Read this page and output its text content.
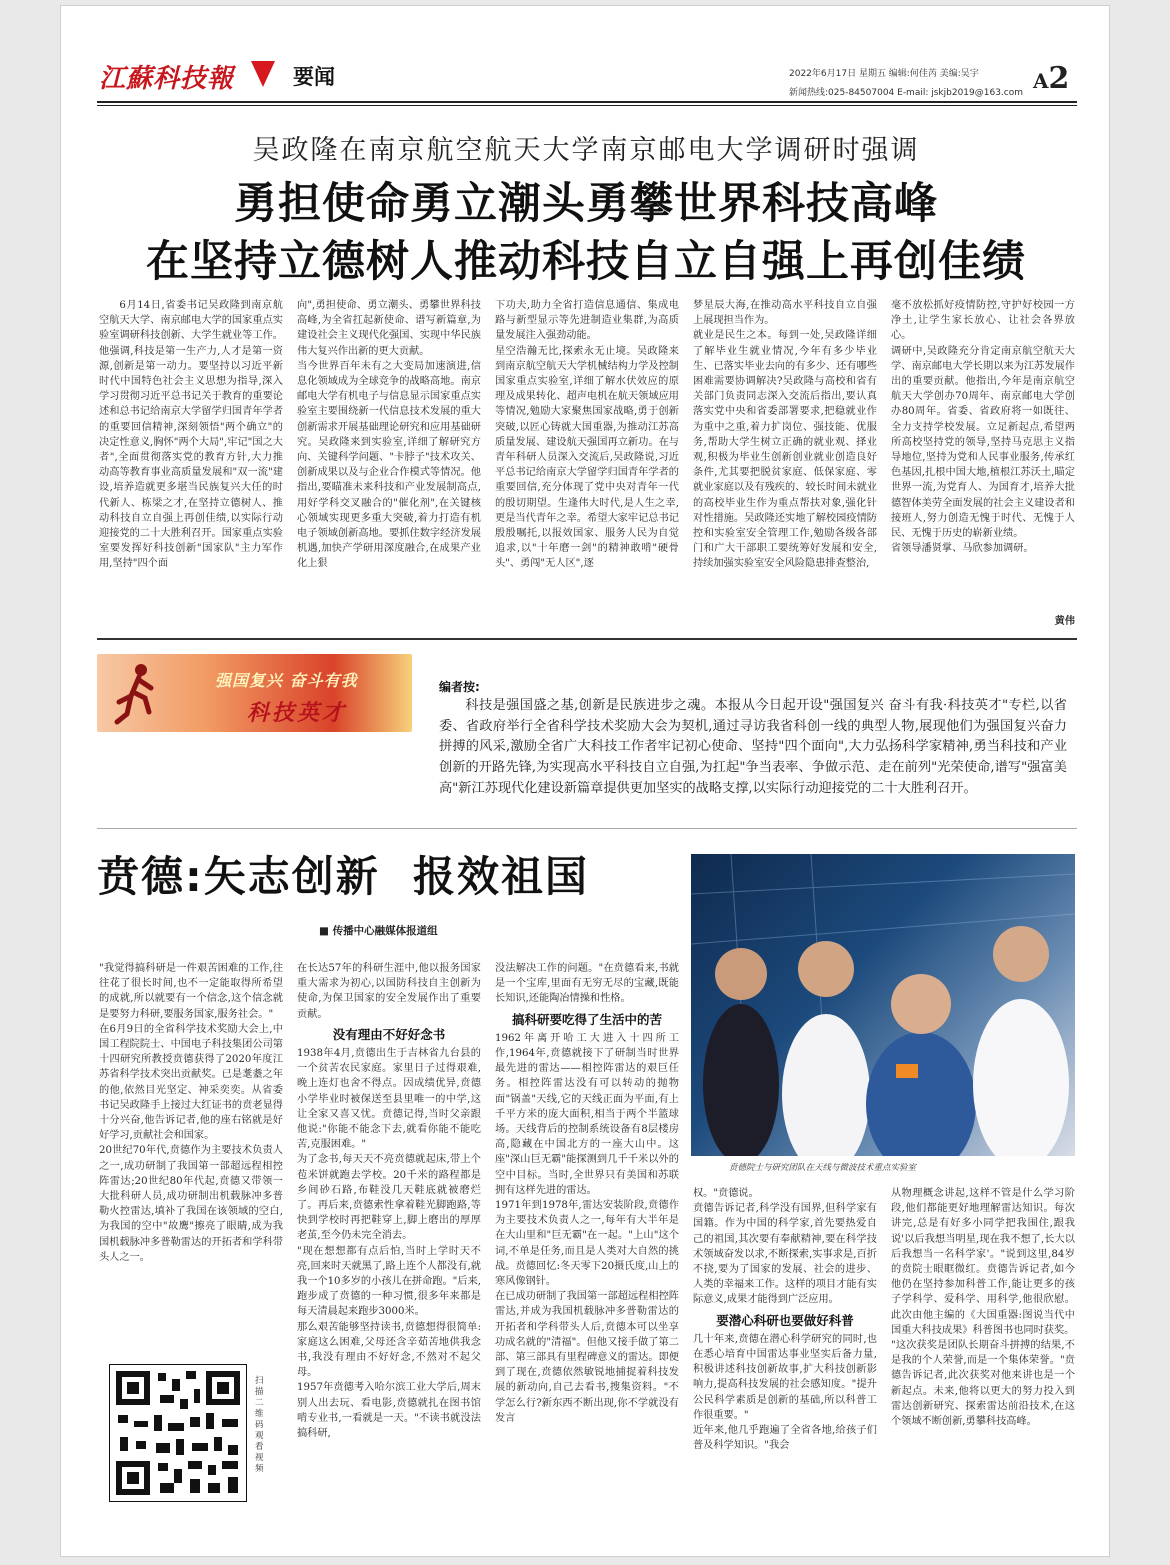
江蘇科技報	要闻	2022年6月17日 星期五 编辑:何佳芮 美编:吴宇
新闻热线:025-84507004 E-mail: jskjb2019@163.com A2
吴政隆在南京航空航天大学南京邮电大学调研时强调
勇担使命勇立潮头勇攀世界科技高峰
在坚持立德树人推动科技自立自强上再创佳绩
6月14日,省委书记吴政隆到南京航空航天大学、南京邮电大学的国家重点实验室调研科技创新、大学生就业等工作。他强调,科技是第一生产力,人才是第一资源,创新是第一动力。要坚持以习近平新时代中国特色社会主义思想为指导,深入学习贯彻习近平总书记关于教育的重要论述和总书记给南京大学留学归国青年学者的重要回信精神,深刻领悟"两个确立"的决定性意义,胸怀"两个大局",牢记"国之大者",全面贯彻落实党的教育方针,大力推动高等教育事业高质量发展和"双一流"建设,培养造就更多堪当民族复兴大任的时代新人、栋梁之才,在坚持立德树人、推动科技自立自强上再创佳绩,以实际行动迎接党的二十大胜利召开。国家重点实验室要发挥好科技创新"国家队"主力军作用,坚持"四个面
向",勇担使命、勇立潮头、勇攀世界科技高峰,为全省扛起新使命、谱写新篇章,为建设社会主义现代化强国、实现中华民族伟大复兴作出新的更大贡献。
当今世界百年未有之大变局加速演进,信息化领域成为全球竞争的战略高地。南京邮电大学有机电子与信息显示国家重点实验室主要围绕新一代信息技术发展的重大创新需求开展基础理论研究和应用基础研究。吴政隆来到实验室,详细了解研究方向、关键科学问题、"卡脖子"技术攻关、创新成果以及与企业合作模式等情况。他指出,要瞄准未来科技和产业发展制高点,用好学科交叉融合的"催化剂",在关键核心领域实现更多重大突破,着力打造有机电子领域创新高地。要抓住数字经济发展机遇,加快产学研用深度融合,在成果产业化上狠
下功夫,助力全省打造信息通信、集成电路与新型显示等先进制造业集群,为高质量发展注入强劲动能。
星空浩瀚无比,探索永无止境。吴政隆来到南京航空航天大学机械结构力学及控制国家重点实验室,详细了解水伏效应的原理及成果转化、超声电机在航天领域应用等情况,勉励大家聚焦国家战略,勇于创新突破,以匠心铸就大国重器,为推动江苏高质量发展、建设航天强国再立新功。在与青年科研人员深入交流后,吴政隆说,习近平总书记给南京大学留学归国青年学者的重要回信,充分体现了党中央对青年一代的殷切期望。生逢伟大时代,是人生之幸,更是当代青年之幸。希望大家牢记总书记殷殷嘱托,以报效国家、服务人民为自觉追求,以"十年磨一剑"的精神敢啃"硬骨头"、勇闯"无人区",逐
梦星辰大海,在推动高水平科技自立自强上展现担当作为。
就业是民生之本。每到一处,吴政隆详细了解毕业生就业情况,今年有多少毕业生、已落实毕业去向的有多少、还有哪些困难需要协调解决?吴政隆与高校和省有关部门负责同志深入交流后指出,要认真落实党中央和省委部署要求,把稳就业作为重中之重,着力扩岗位、强技能、优服务,帮助大学生树立正确的就业观、择业观,积极为毕业生创新创业就业创造良好条件,尤其要把脱贫家庭、低保家庭、零就业家庭以及有残疾的、较长时间未就业的高校毕业生作为重点帮扶对象,强化针对性措施。吴政隆还实地了解校园疫情防控和实验室安全管理工作,勉励各级各部门和广大干部职工要统筹好发展和安全,持续加强实验室安全风险隐患排查整治,
毫不放松抓好疫情防控,守护好校园一方净土,让学生家长放心、让社会各界放心。
调研中,吴政隆充分肯定南京航空航天大学、南京邮电大学长期以来为江苏发展作出的重要贡献。他指出,今年是南京航空航天大学创办70周年、南京邮电大学创办80周年。省委、省政府将一如既往、全力支持学校发展。立足新起点,希望两所高校坚持党的领导,坚持马克思主义指导地位,坚持为党和人民事业服务,传承红色基因,扎根中国大地,植根江苏沃土,瞄定世界一流,为党育人、为国育才,培养大批德智体美劳全面发展的社会主义建设者和接班人,努力创造无愧于时代、无愧于人民、无愧于历史的崭新业绩。
省领导潘贤掌、马欣参加调研。
黄伟
强国复兴 奋斗有我
科技英才
编者按:

科技是强国盛之基,创新是民族进步之魂。本报从今日起开设"强国复兴 奋斗有我·科技英才"专栏,以省委、省政府举行全省科学技术奖励大会为契机,通过寻访我省科创一线的典型人物,展现他们为强国复兴奋力拼搏的风采,激励全省广大科技工作者牢记初心使命、坚持"四个面向",大力弘扬科学家精神,勇当科技和产业创新的开路先锋,为实现高水平科技自立自强,为扛起"争当表率、争做示范、走在前列"光荣使命,谱写"强富美高"新江苏现代化建设新篇章提供更加坚实的战略支撑,以实际行动迎接党的二十大胜利召开。

贲德:矢志创新  报效祖国
■ 传播中心融媒体报道组
"我觉得搞科研是一件艰苦困难的工作,往往花了很长时间,也不一定能取得所希望的成就,所以就要有一个信念,这个信念就是要努力科研,要服务国家,服务社会。"
在6月9日的全省科学技术奖励大会上,中国工程院院士、中国电子科技集团公司第十四研究所教授贲德获得了2020年度江苏省科学技术突出贡献奖。已是耄耋之年的他,依然目光坚定、神采奕奕。从省委书记吴政隆手上接过大红证书的贲老显得十分兴奋,他告诉记者,他的座右铭就是好好学习,贡献社会和国家。
20世纪70年代,贲德作为主要技术负责人之一,成功研制了我国第一部超远程相控阵雷达;20世纪80年代起,贲德又带领一大批科研人员,成功研制出机载脉冲多普勒火控雷达,填补了我国在该领域的空白,为我国的空中"故鹰"擦亮了眼睛,成为我国机载脉冲多普勒雷达的开拓者和学科带头人之一。
在长达57年的科研生涯中,他以报务国家重大需求为初心,以国防科技自主创新为使命,为保卫国家的安全发展作出了重要贡献。
没有理由不好好念书
1938年4月,贲德出生于吉林省九台县的一个贫苦农民家庭。家里日子过得艰难,晚上连灯也舍不得点。因成绩优异,贲德小学毕业时被保送至县里唯一的中学,这让全家又喜又忧。贲德记得,当时父亲跟他说:"你能不能念下去,就看你能不能吃苦,克服困难。"
为了念书,每天天不亮贲德就起床,带上个苞米饼就跑去学校。20千米的路程都是乡间砂石路,布鞋没几天鞋底就被磨烂了。再后来,贲德索性拿着鞋光脚跑路,等快到学校时再把鞋穿上,脚上磨出的厚厚老茧,至今仍未完全消去。
"现在想想都有点后怕,当时上学时天不亮,回来时天就黑了,路上连个人都没有,就我一个10多岁的小孩儿在拼命跑。"后来,跑步成了贲德的一种习惯,很多年来都是每天清晨起来跑步3000米。
那么艰苦能够坚持读书,贲德想得很简单:家庭这么困难,父母还含辛茹苦地供我念书,我没有理由不好好念,不然对不起父母。
1957年贲德考入哈尔滨工业大学后,周末别人出去玩、看电影,贲德就扎在图书馆啃专业书,一看就是一天。"不读书就没法搞科研,
没法解决工作的问题。"在贲德看来,书就是一个宝库,里面有无穷无尽的宝藏,既能长知识,还能陶冶情操和性格。
搞科研要吃得了生活中的苦
1962年离开哈工大进入十四所工作,1964年,贲德就接下了研制当时世界最先进的雷达——相控阵雷达的艰巨任务。相控阵雷达没有可以转动的抛物面"锅盖"天线,它的天线正面为平面,有上千平方米的庞大面积,相当于两个半篮球场。天线背后的控制系统设备有8层楼房高,隐藏在中国北方的一座大山中。这座"深山巨无霸"能探测到几千千米以外的空中目标。当时,全世界只有美国和苏联拥有这样先进的雷达。
1971年到1978年,雷达安装阶段,贲德作为主要技术负责人之一,每年有大半年是在大山里和"巨无霸"在一起。"上山"这个词,不单是任务,而且是人类对大自然的挑战。贲德回忆:冬天零下20摄氏度,山上的寒风像钢针。
在已成功研制了我国第一部超远程相控阵雷达,并成为我国机载脉冲多普勒雷达的开拓者和学科带头人后,贲德本可以坐享功成名就的"清福"。但他又接手做了第二部、第三部具有里程碑意义的雷达。即便到了现在,贲德依然敏锐地捕捉着科技发展的新动向,自己去看书,搜集资料。"不学怎么行?新东西不断出现,你不学就没有发言
贲德院士与研究团队在天线与微波技术重点实验室
权。"贲德说。
贲德告诉记者,科学没有国界,但科学家有国籍。作为中国的科学家,首先要热爱自己的祖国,其次要有奉献精神,要在科学技术领域奋发以求,不断探索,实事求是,百折不挠,要为了国家的发展、社会的进步、人类的幸福来工作。这样的项目才能有实际意义,成果才能得到广泛应用。
要潜心科研也要做好科普
几十年来,贲德在潜心科学研究的同时,也在悉心培育中国雷达事业坚实后备力量,积极讲述科技创新故事,扩大科技创新影响力,提高科技发展的社会感知度。"提升公民科学素质是创新的基础,所以科普工作很重要。"
近年来,他几乎跑遍了全省各地,给孩子们普及科学知识。"我会
从物理概念讲起,这样不管是什么学习阶段,他们都能更好地理解雷达知识。每次讲完,总是有好多小同学把我围住,跟我说'以后我想当明星,现在我不想了,长大以后我想当一名科学家'。"说到这里,84岁的贲院士眼眶微红。贲德告诉记者,如今他仍在坚持参加科普工作,能让更多的孩子学科学、爱科学、用科学,他很欣慰。此次由他主编的《大国重器:图说当代中国重大科技成果》科普图书也同时获奖。
"这次获奖是团队长期奋斗拼搏的结果,不是我的个人荣誉,而是一个集体荣誉。"贲德告诉记者,此次获奖对他来讲也是一个新起点。未来,他将以更大的努力投入到雷达创新研究、探索雷达前沿技术,在这个领域不断创新,勇攀科技高峰。
扫描二维码观看视频
